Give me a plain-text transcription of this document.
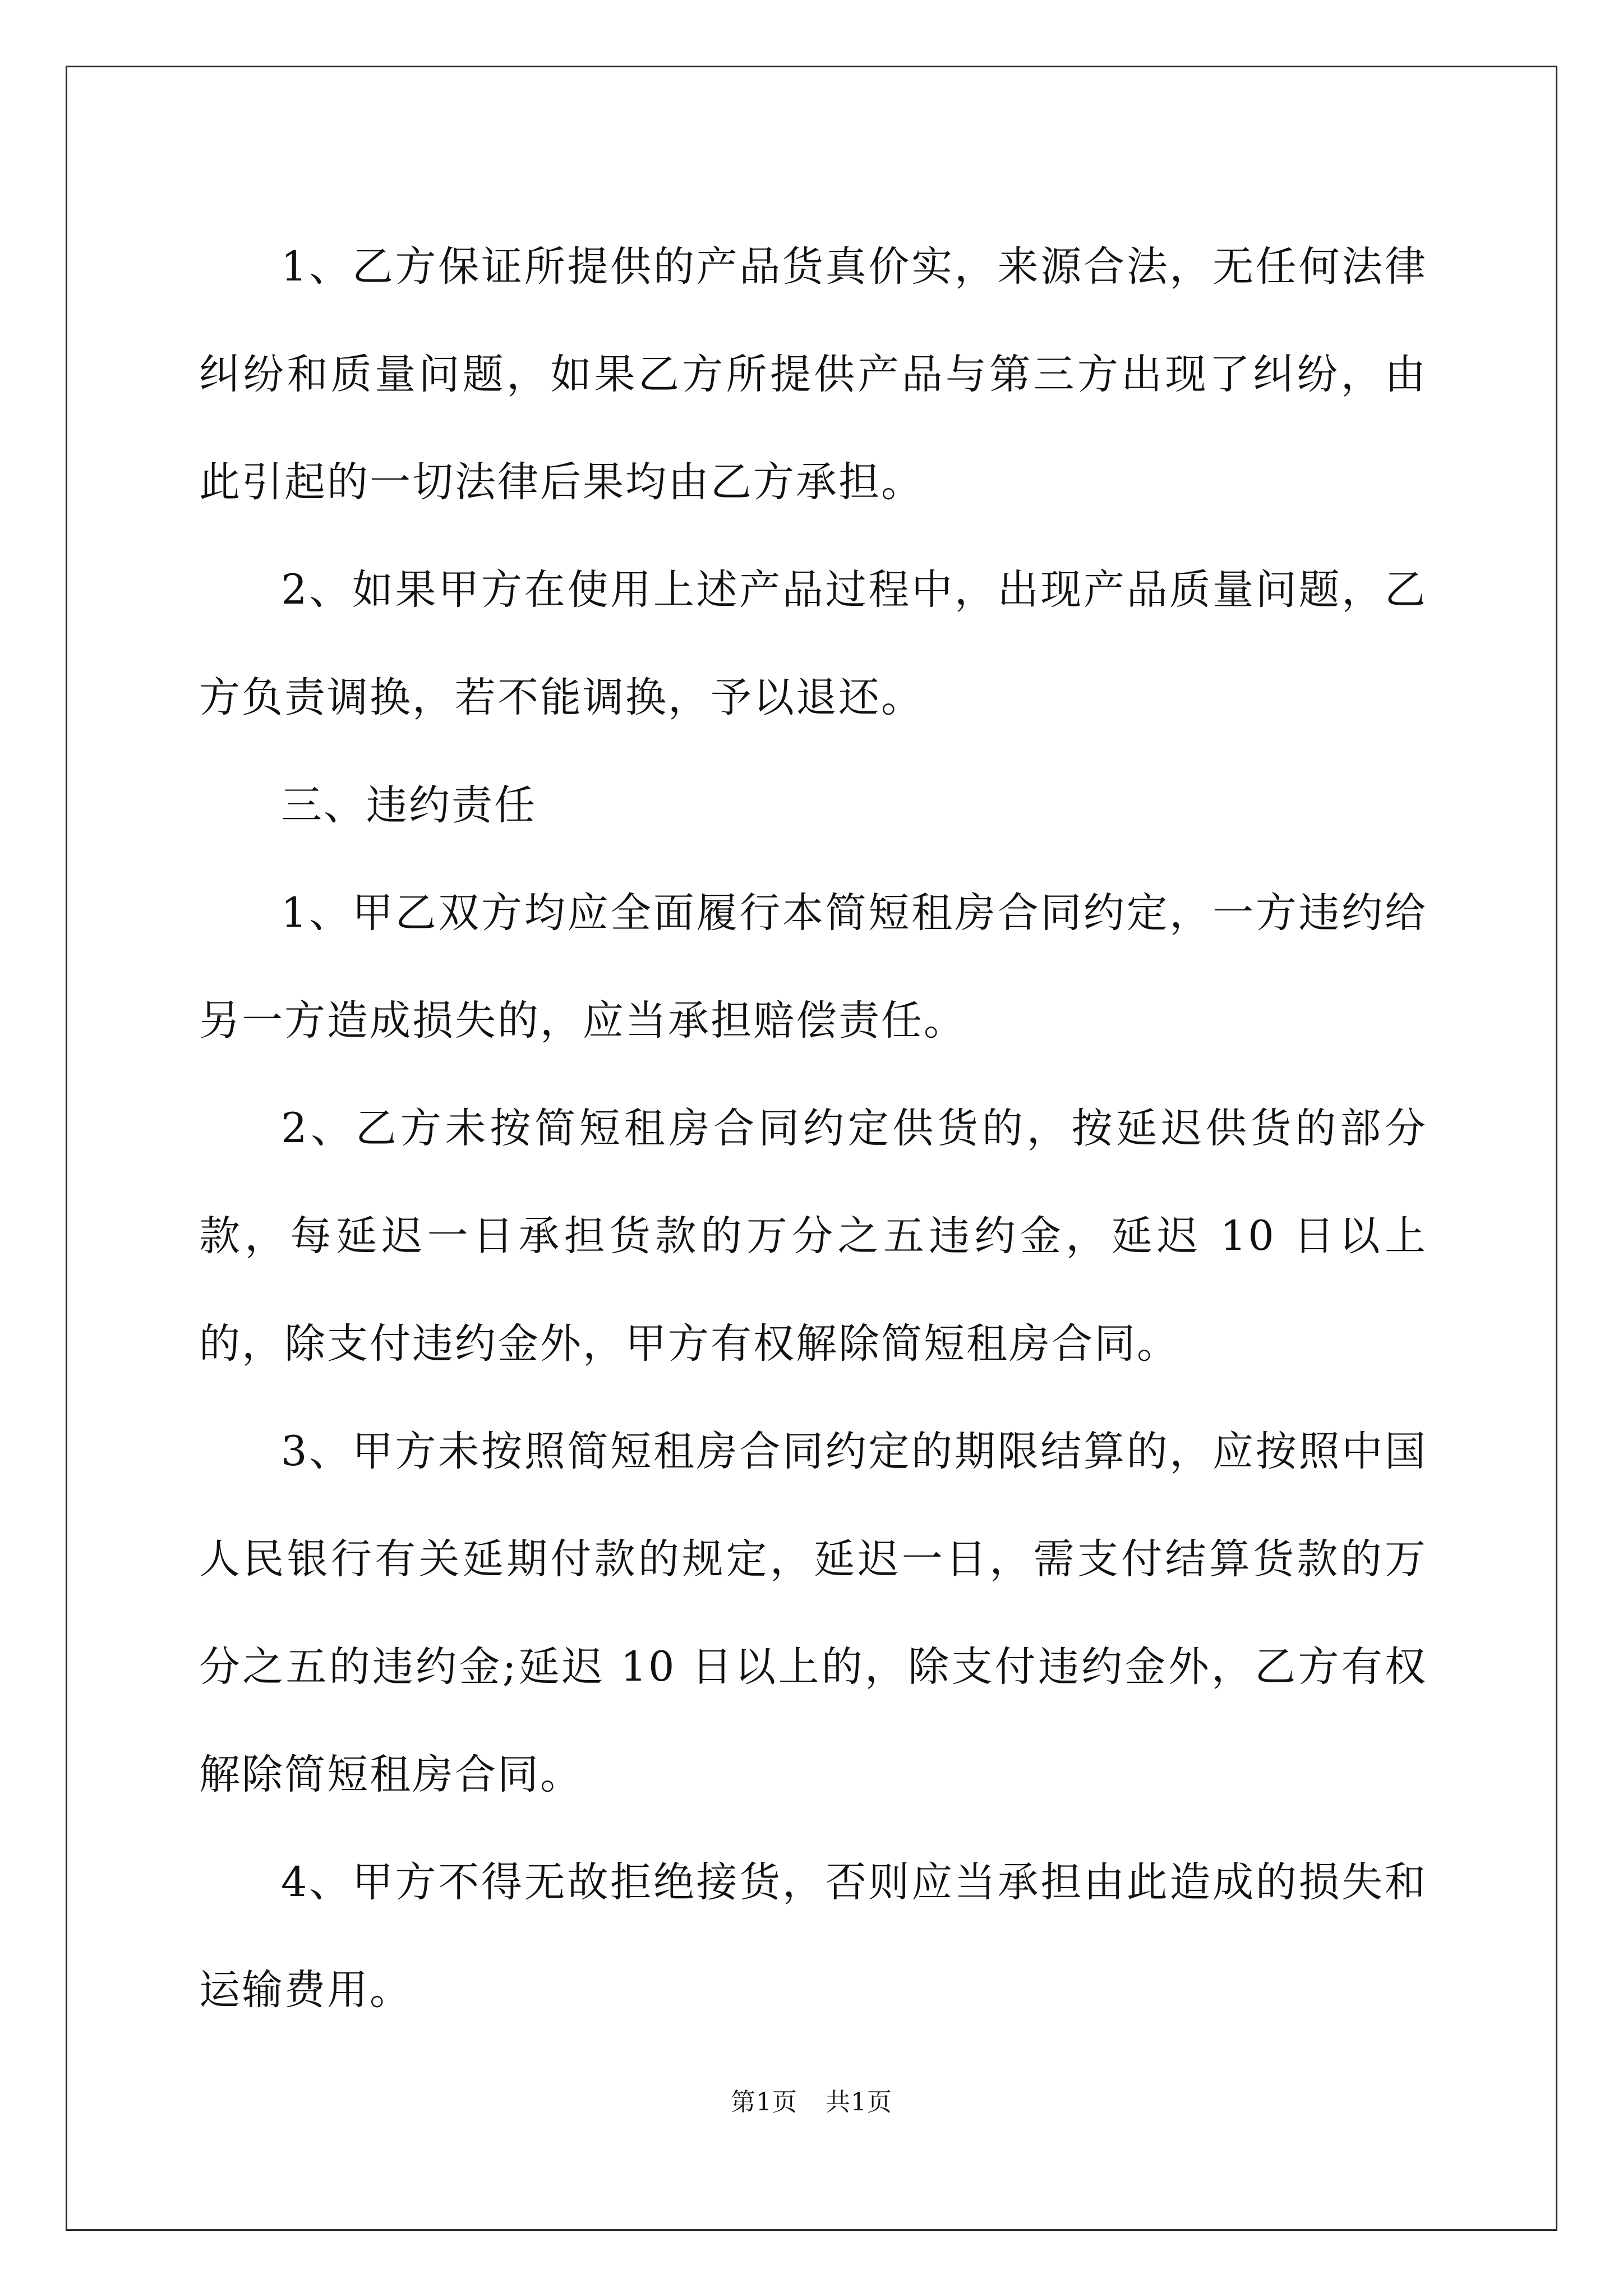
1、乙方保证所提供的产品货真价实，来源合法，无任何法律纠纷和质量问题，如果乙方所提供产品与第三方出现了纠纷，由此引起的一切法律后果均由乙方承担。

2、如果甲方在使用上述产品过程中，出现产品质量问题，乙方负责调换，若不能调换，予以退还。

三、违约责任

1、甲乙双方均应全面履行本简短租房合同约定，一方违约给另一方造成损失的，应当承担赔偿责任。

2、乙方未按简短租房合同约定供货的，按延迟供货的部分款，每延迟一日承担货款的万分之五违约金，延迟 10 日以上的，除支付违约金外，甲方有权解除简短租房合同。

3、甲方未按照简短租房合同约定的期限结算的，应按照中国人民银行有关延期付款的规定，延迟一日，需支付结算货款的万分之五的违约金;延迟 10 日以上的，除支付违约金外，乙方有权解除简短租房合同。

4、甲方不得无故拒绝接货，否则应当承担由此造成的损失和运输费用。

第1页 共1页
